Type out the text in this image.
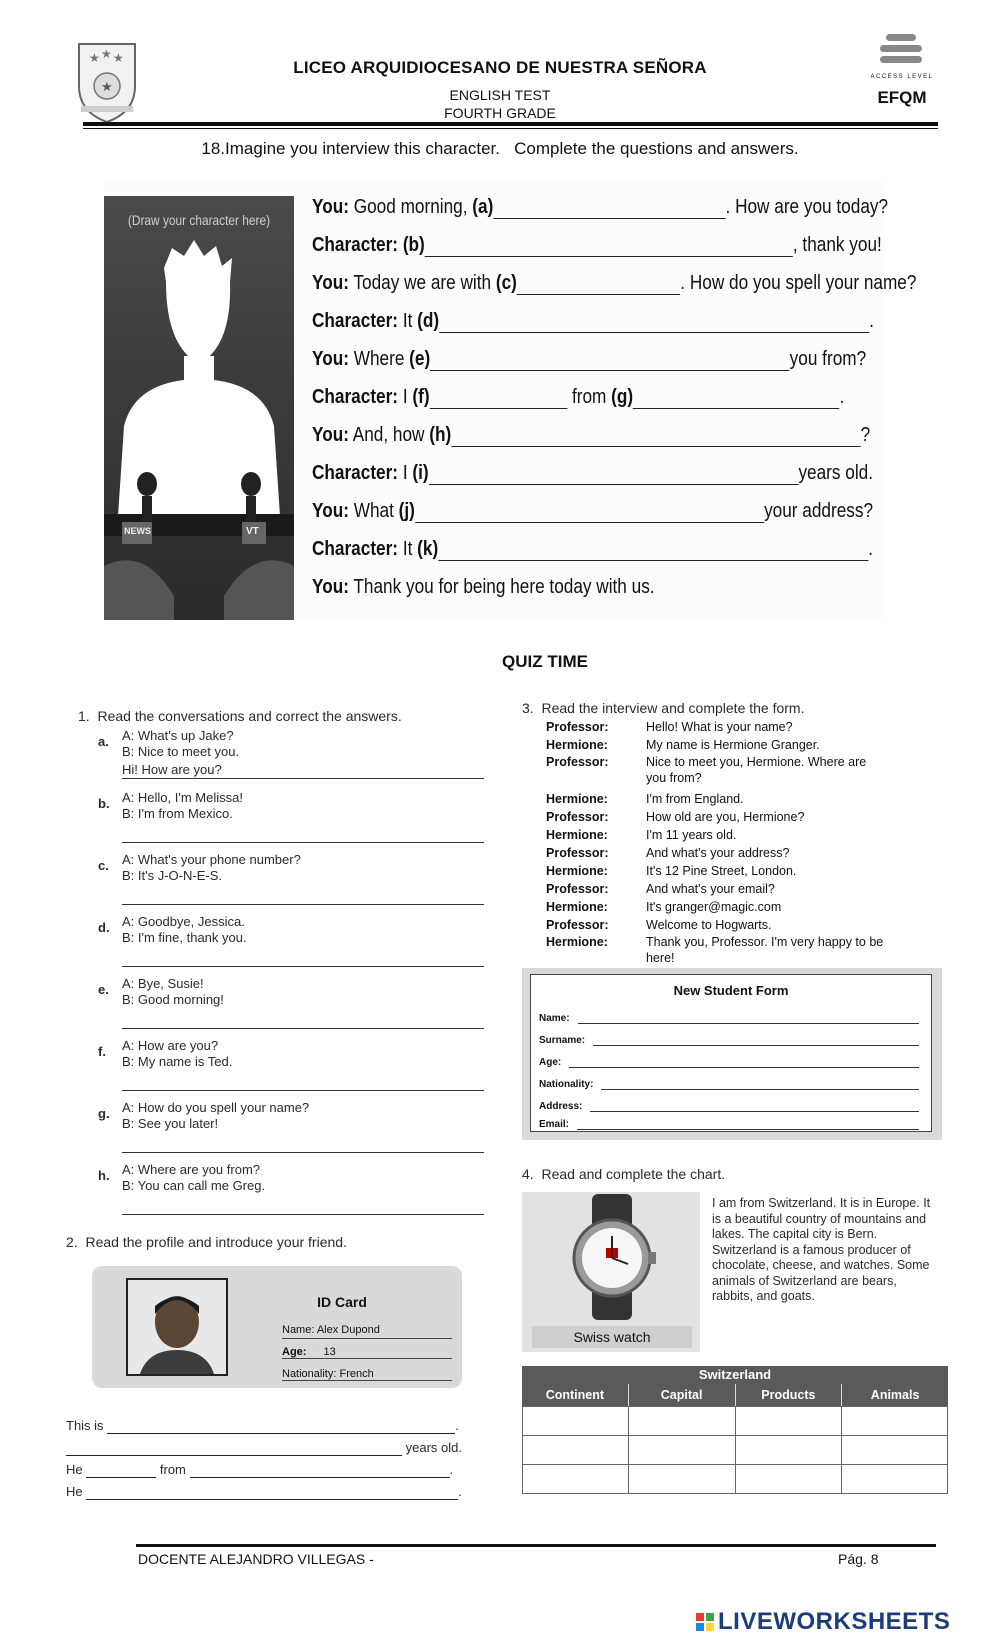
★ ★ ★
★
LICEO ARQUIDIOCESANO DE NUESTRA SEÑORA
ENGLISH TEST
FOURTH GRADE
ACCESS LEVEL
EFQM
18.Imagine you interview this character.   Complete the questions and answers.
(Draw your character here)
NEWS	VT
You: Good morning, (a)	. How are you today?
Character: (b)	, thank you!
You: Today we are with (c)	. How do you spell your name?
Character: It (d)	.
You: Where (e)	you from?
Character: I (f)	from (g)	.
You: And, how (h)	?
Character: I (i)	years old.
You: What (j)	your address?
Character: It (k)	.
You: Thank you for being here today with us.
QUIZ TIME
1.  Read the conversations and correct the answers.
a. A: What's up Jake?
B: Nice to meet you.
Hi! How are you?
b. A: Hello, I'm Melissa!
B: I'm from Mexico.
c. A: What's your phone number?
B: It's J-O-N-E-S.
d. A: Goodbye, Jessica.
B: I'm fine, thank you.
e. A: Bye, Susie!
B: Good morning!
f. A: How are you?
B: My name is Ted.
g. A: How do you spell your name?
B: See you later!
h. A: Where are you from?
B: You can call me Greg.
2.  Read the profile and introduce your friend.
ID Card
Name: Alex Dupond
Age: 13
Nationality: French
This is	.
years old.
He	from	.
He	.
3.  Read the interview and complete the form.
Professor:	Hello! What is your name?
Hermione:	My name is Hermione Granger.
Professor:	Nice to meet you, Hermione. Where are you from?
Hermione:	I'm from England.
Professor:	How old are you, Hermione?
Hermione:	I'm 11 years old.
Professor:	And what's your address?
Hermione:	It's 12 Pine Street, London.
Professor:	And what's your email?
Hermione:	It's granger@magic.com
Professor:	Welcome to Hogwarts.
Hermione:	Thank you, Professor. I'm very happy to be here!
New Student Form
Name:
Surname:
Age:
Nationality:
Address:
Email:
4.  Read and complete the chart.
Swiss watch
I am from Switzerland. It is in Europe. It is a beautiful country of mountains and lakes. The capital city is Bern. Switzerland is a famous producer of chocolate, cheese, and watches. Some animals of Switzerland are bears, rabbits, and goats.
Switzerland
Continent	Capital	Products	Animals

DOCENTE ALEJANDRO VILLEGAS -	Pág. 8
LIVEWORKSHEETS
